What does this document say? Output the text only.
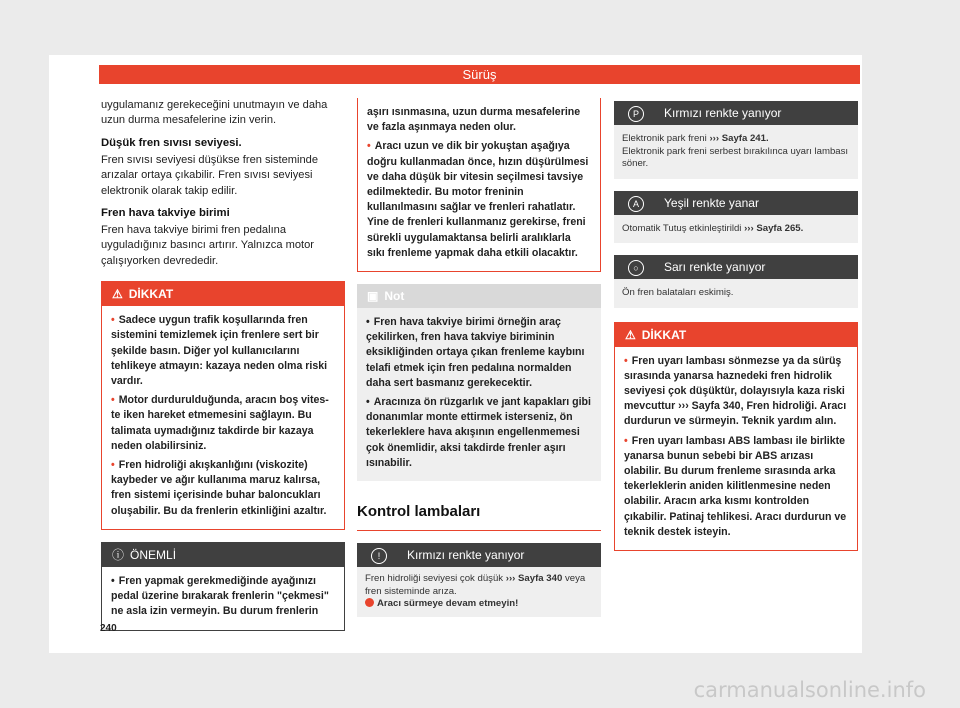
Sürüş

uygulamanız gerekeceğini unutmayın ve daha uzun durma mesafelerine izin verin.

Düşük fren sıvısı seviyesi.

Fren sıvısı seviyesi düşükse fren sisteminde arızalar ortaya çıkabilir. Fren sıvısı seviyesi elektronik olarak takip edilir.

Fren hava takviye birimi

Fren hava takviye birimi fren pedalına uyguladığınız basıncı artırır. Yalnızca motor çalışıyorken devrededir.

⚠ DİKKAT

• Sadece uygun trafik koşullarında fren sistemini temizlemek için frenlere sert bir şekilde basın. Diğer yol kullanıcılarını tehlikeye atmayın: kazaya neden olma riski vardır.

• Motor durdurulduğunda, aracın boş vites-te iken hareket etmemesini sağlayın. Bu talimata uymadığınız takdirde bir kazaya neden olabilirsiniz.

• Fren hidroliği akışkanlığını (viskozite) kaybeder ve ağır kullanıma maruz kalırsa, fren sistemi içerisinde buhar baloncukları oluşabilir. Bu da frenlerin etkinliğini azaltır.

ⓘ ÖNEMLİ

• Fren yapmak gerekmediğinde ayağınızı pedal üzerine bırakarak frenlerin "çekmesi" ne asla izin vermeyin. Bu durum frenlerin

aşırı ısınmasına, uzun durma mesafelerine ve fazla aşınmaya neden olur.

• Aracı uzun ve dik bir yokuştan aşağıya doğru kullanmadan önce, hızın düşürülmesi ve daha düşük bir vitesin seçilmesi tavsiye edilmektedir. Bu motor freninin kullanılmasını sağlar ve frenleri rahatlatır. Yine de frenleri kullanmanız gerekirse, freni sürekli uygulamaktansa belirli aralıklarla sıkı frenleme yapmak daha etkili olacaktır.

▣ Not

• Fren hava takviye birimi örneğin araç çekilirken, fren hava takviye biriminin eksikliğinden ortaya çıkan frenleme kaybını telafi etmek için fren pedalına normalden daha sert basmanız gerekecektir.

• Aracınıza ön rüzgarlık ve jant kapakları gibi donanımlar monte ettirmek isterseniz, ön tekerleklere hava akışının engellenmemesi çok önemlidir, aksi takdirde frenler aşırı ısınabilir.

Kontrol lambaları
!	Kırmızı renkte yanıyor
Fren hidroliği seviyesi çok düşük ››› Sayfa 340 veya fren sisteminde arıza.
Aracı sürmeye devam etmeyin!
P	Kırmızı renkte yanıyor
Elektronik park freni ››› Sayfa 241.
Elektronik park freni serbest bırakılınca uyarı lambası söner.
A	Yeşil renkte yanar
Otomatik Tutuş etkinleştirildi ››› Sayfa 265.
○	Sarı renkte yanıyor
Ön fren balataları eskimiş.
⚠ DİKKAT

• Fren uyarı lambası sönmezse ya da sürüş sırasında yanarsa haznedeki fren hidrolik seviyesi çok düşüktür, dolayısıyla kaza riski mevcuttur ››› Sayfa 340, Fren hidroliği. Aracı durdurun ve sürmeyin. Teknik yardım alın.

• Fren uyarı lambası ABS lambası ile birlikte yanarsa bunun sebebi bir ABS arızası olabilir. Bu durum frenleme sırasında arka tekerleklerin aniden kilitlenmesine neden olabilir. Aracın arka kısmı kontrolden çıkabilir. Patinaj tehlikesi. Aracı durdurun ve teknik destek isteyin.

240
carmanualsonline.info
